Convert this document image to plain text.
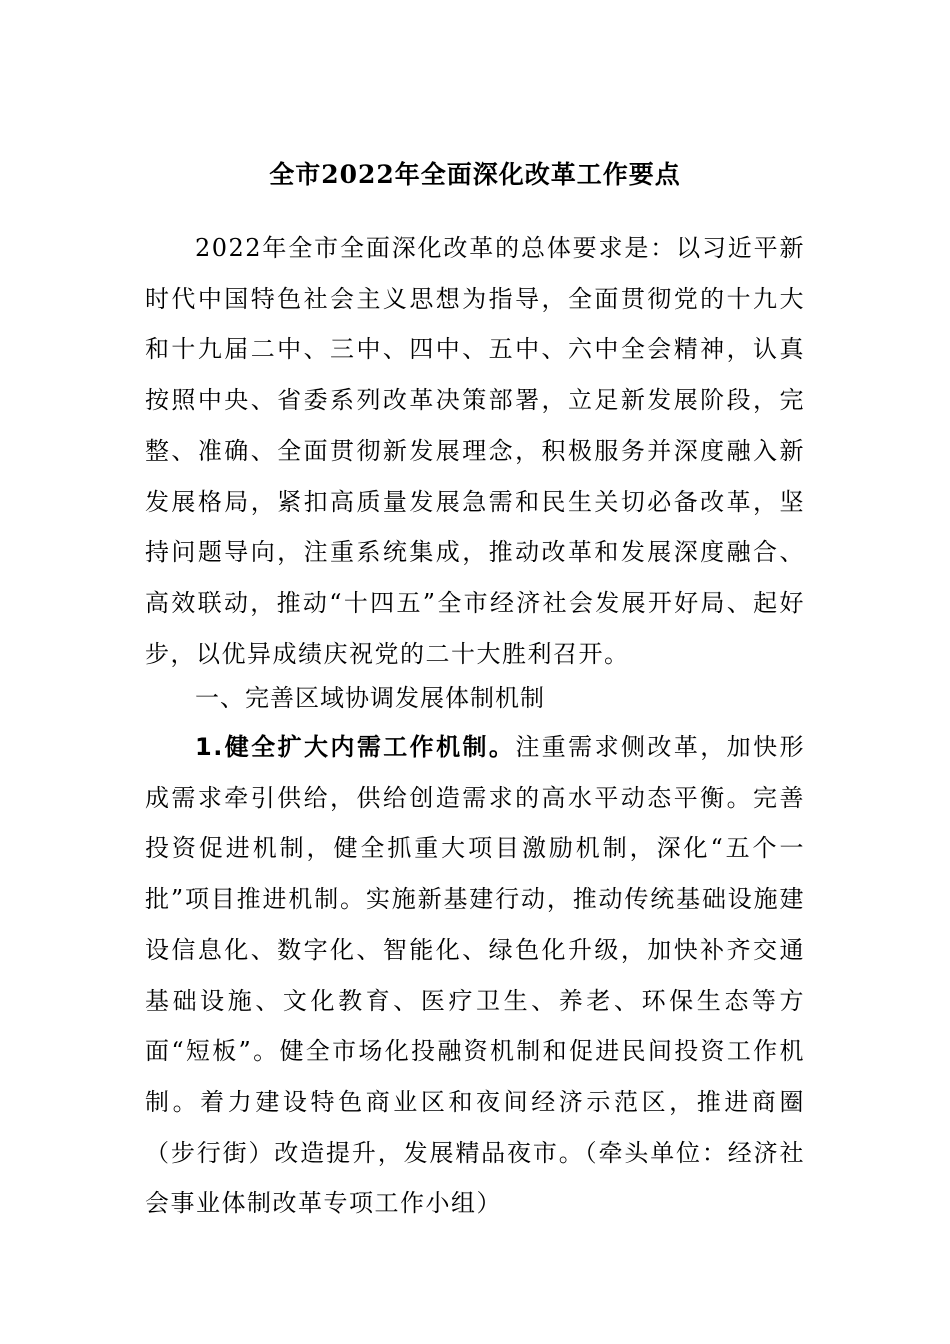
全市2022年全面深化改革工作要点

2022年全市全面深化改革的总体要求是：以习近平新时代中国特色社会主义思想为指导，全面贯彻党的十九大和十九届二中、三中、四中、五中、六中全会精神，认真按照中央、省委系列改革决策部署，立足新发展阶段，完整、准确、全面贯彻新发展理念，积极服务并深度融入新发展格局，紧扣高质量发展急需和民生关切必备改革，坚持问题导向，注重系统集成，推动改革和发展深度融合、高效联动，推动“十四五”全市经济社会发展开好局、起好步，以优异成绩庆祝党的二十大胜利召开。

一、完善区域协调发展体制机制

1.健全扩大内需工作机制。注重需求侧改革，加快形成需求牵引供给，供给创造需求的高水平动态平衡。完善投资促进机制，健全抓重大项目激励机制，深化“五个一批”项目推进机制。实施新基建行动，推动传统基础设施建设信息化、数字化、智能化、绿色化升级，加快补齐交通基础设施、文化教育、医疗卫生、养老、环保生态等方面“短板”。健全市场化投融资机制和促进民间投资工作机制。着力建设特色商业区和夜间经济示范区，推进商圈（步行街）改造提升，发展精品夜市。（牵头单位：经济社会事业体制改革专项工作小组）
